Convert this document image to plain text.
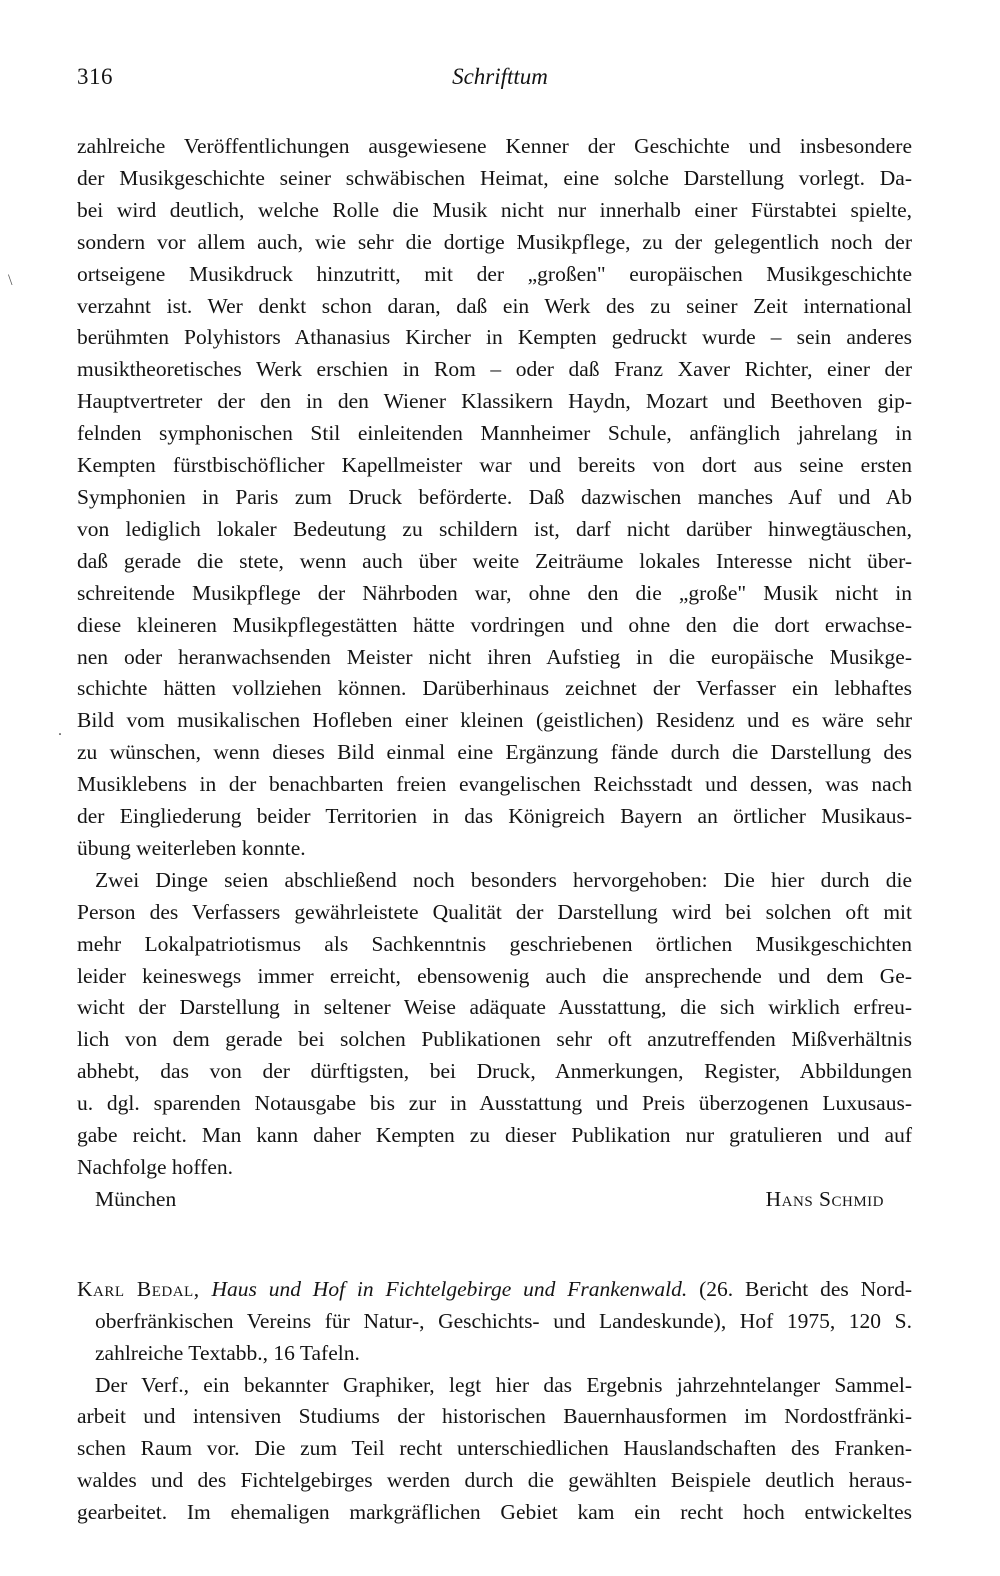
316	Schrifttum
\
.

zahlreiche Veröffentlichungen ausgewiesene Kenner der Geschichte und insbesondere

der Musikgeschichte seiner schwäbischen Heimat, eine solche Darstellung vorlegt. Da-

bei wird deutlich, welche Rolle die Musik nicht nur innerhalb einer Fürstabtei spielte,

sondern vor allem auch, wie sehr die dortige Musikpflege, zu der gelegentlich noch der

ortseigene Musikdruck hinzutritt, mit der „großen" europäischen Musikgeschichte

verzahnt ist. Wer denkt schon daran, daß ein Werk des zu seiner Zeit international

berühmten Polyhistors Athanasius Kircher in Kempten gedruckt wurde – sein anderes

musiktheoretisches Werk erschien in Rom – oder daß Franz Xaver Richter, einer der

Hauptvertreter der den in den Wiener Klassikern Haydn, Mozart und Beethoven gip-

felnden symphonischen Stil einleitenden Mannheimer Schule, anfänglich jahrelang in

Kempten fürstbischöflicher Kapellmeister war und bereits von dort aus seine ersten

Symphonien in Paris zum Druck beförderte. Daß dazwischen manches Auf und Ab

von lediglich lokaler Bedeutung zu schildern ist, darf nicht darüber hinwegtäuschen,

daß gerade die stete, wenn auch über weite Zeiträume lokales Interesse nicht über-

schreitende Musikpflege der Nährboden war, ohne den die „große" Musik nicht in

diese kleineren Musikpflegestätten hätte vordringen und ohne den die dort erwachse-

nen oder heranwachsenden Meister nicht ihren Aufstieg in die europäische Musikge-

schichte hätten vollziehen können. Darüberhinaus zeichnet der Verfasser ein lebhaftes

Bild vom musikalischen Hofleben einer kleinen (geistlichen) Residenz und es wäre sehr

zu wünschen, wenn dieses Bild einmal eine Ergänzung fände durch die Darstellung des

Musiklebens in der benachbarten freien evangelischen Reichsstadt und dessen, was nach

der Eingliederung beider Territorien in das Königreich Bayern an örtlicher Musikaus-

übung weiterleben konnte.

Zwei Dinge seien abschließend noch besonders hervorgehoben: Die hier durch die

Person des Verfassers gewährleistete Qualität der Darstellung wird bei solchen oft mit

mehr Lokalpatriotismus als Sachkenntnis geschriebenen örtlichen Musikgeschichten

leider keineswegs immer erreicht, ebensowenig auch die ansprechende und dem Ge-

wicht der Darstellung in seltener Weise adäquate Ausstattung, die sich wirklich erfreu-

lich von dem gerade bei solchen Publikationen sehr oft anzutreffenden Mißverhältnis

abhebt, das von der dürftigsten, bei Druck, Anmerkungen, Register, Abbildungen

u. dgl. sparenden Notausgabe bis zur in Ausstattung und Preis überzogenen Luxusaus-

gabe reicht. Man kann daher Kempten zu dieser Publikation nur gratulieren und auf

Nachfolge hoffen.

München	Hans Schmid

Karl Bedal, Haus und Hof in Fichtelgebirge und Frankenwald. (26. Bericht des Nord-

oberfränkischen Vereins für Natur-, Geschichts- und Landeskunde), Hof 1975, 120 S.

zahlreiche Textabb., 16 Tafeln.

Der Verf., ein bekannter Graphiker, legt hier das Ergebnis jahrzehntelanger Sammel-

arbeit und intensiven Studiums der historischen Bauernhausformen im Nordostfränki-

schen Raum vor. Die zum Teil recht unterschiedlichen Hauslandschaften des Franken-

waldes und des Fichtelgebirges werden durch die gewählten Beispiele deutlich heraus-

gearbeitet. Im ehemaligen markgräflichen Gebiet kam ein recht hoch entwickeltes
